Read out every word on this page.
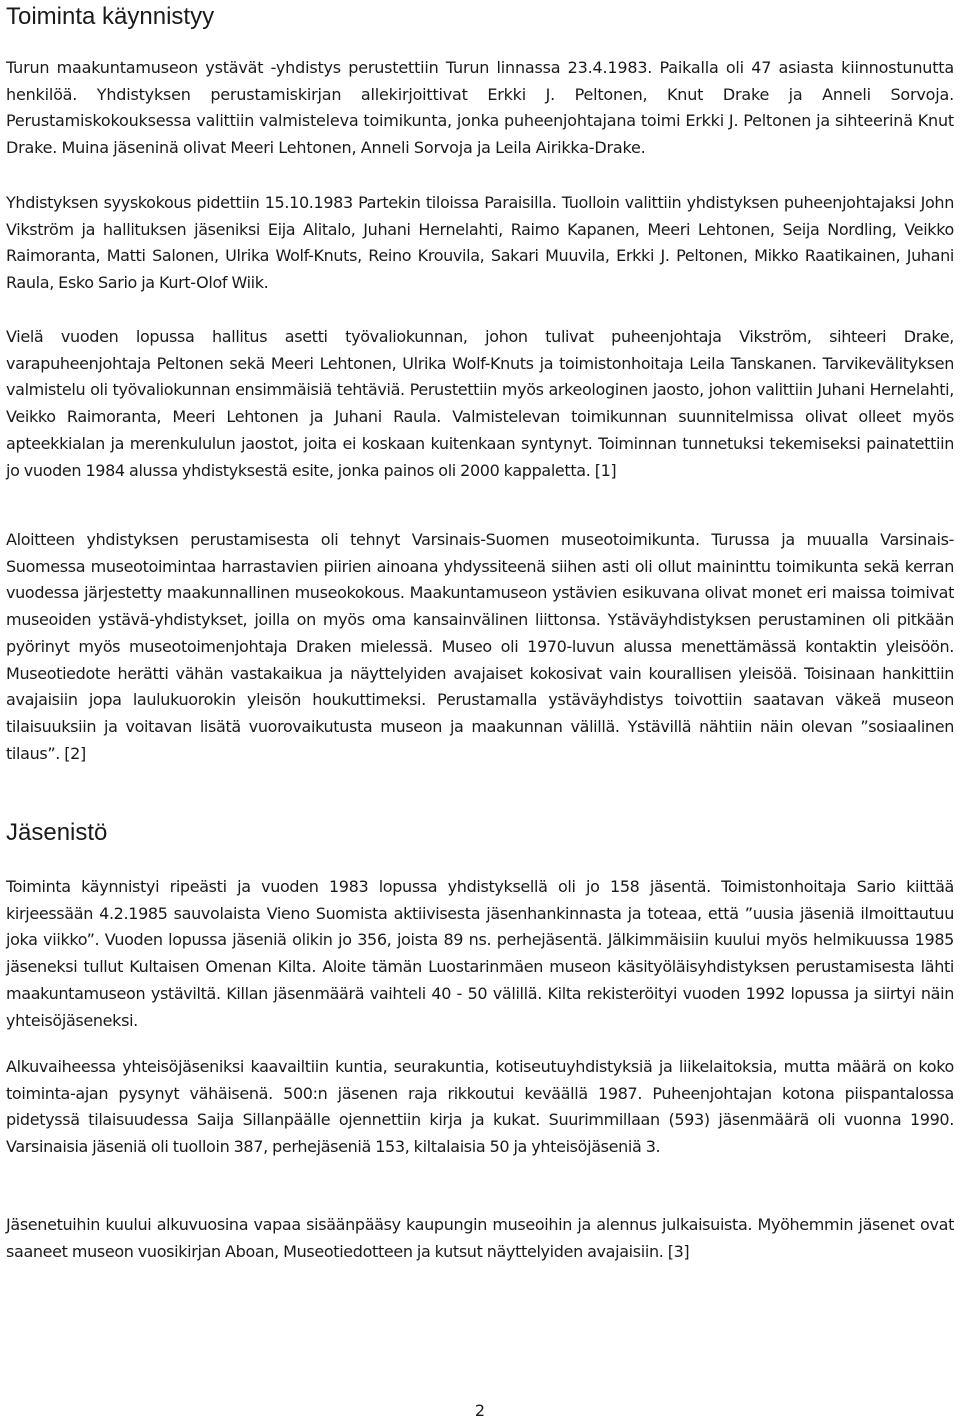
Toiminta käynnistyy

Turun maakuntamuseon ystävät -yhdistys perustettiin Turun linnassa 23.4.1983. Paikalla oli 47 asiasta kiinnostunutta henkilöä. Yhdistyksen perustamiskirjan allekirjoittivat Erkki J. Peltonen, Knut Drake ja Anneli Sorvoja. Perustamiskokouksessa valittiin valmisteleva toimikunta, jonka puheenjohtajana toimi Erkki J. Peltonen ja sihteerinä Knut Drake. Muina jäseninä olivat Meeri Lehtonen, Anneli Sorvoja ja Leila Airikka-Drake.

Yhdistyksen syyskokous pidettiin 15.10.1983 Partekin tiloissa Paraisilla. Tuolloin valittiin yhdistyksen puheenjohtajaksi John Vikström ja hallituksen jäseniksi Eija Alitalo, Juhani Hernelahti, Raimo Kapanen, Meeri Lehtonen, Seija Nordling, Veikko Raimoranta, Matti Salonen, Ulrika Wolf-Knuts, Reino Krouvila, Sakari Muuvila, Erkki J. Peltonen, Mikko Raatikainen, Juhani Raula, Esko Sario ja Kurt-Olof Wiik.

Vielä vuoden lopussa hallitus asetti työvaliokunnan, johon tulivat puheenjohtaja Vikström, sihteeri Drake, varapuheenjohtaja Peltonen sekä Meeri Lehtonen, Ulrika Wolf-Knuts ja toimistonhoitaja Leila Tanskanen. Tarvikevälityksen valmistelu oli työvaliokunnan ensimmäisiä tehtäviä. Perustettiin myös arkeologinen jaosto, johon valittiin Juhani Hernelahti, Veikko Raimoranta, Meeri Lehtonen ja Juhani Raula. Valmistelevan toimikunnan suunnitelmissa olivat olleet myös apteekkialan ja merenkululun jaostot, joita ei koskaan kuitenkaan syntynyt. Toiminnan tunnetuksi tekemiseksi painatettiin jo vuoden 1984 alussa yhdistyksestä esite, jonka painos oli 2000 kappaletta. [1]

Aloitteen yhdistyksen perustamisesta oli tehnyt Varsinais-Suomen museotoimikunta. Turussa ja muualla Varsinais-Suomessa museotoimintaa harrastavien piirien ainoana yhdyssiteenä siihen asti oli ollut maininttu toimikunta sekä kerran vuodessa järjestetty maakunnallinen museokokous. Maakuntamuseon ystävien esikuvana olivat monet eri maissa toimivat museoiden ystävä-yhdistykset, joilla on myös oma kansainvälinen liittonsa. Ystäväyhdistyksen perustaminen oli pitkään pyörinyt myös museotoimenjohtaja Draken mielessä. Museo oli 1970-luvun alussa menettämässä kontaktin yleisöön. Museotiedote herätti vähän vastakaikua ja näyttelyiden avajaiset kokosivat vain kourallisen yleisöä. Toisinaan hankittiin avajaisiin jopa laulukuorokin yleisön houkuttimeksi. Perustamalla ystäväyhdistys toivottiin saatavan väkeä museon tilaisuuksiin ja voitavan lisätä vuorovaikutusta museon ja maakunnan välillä. Ystävillä nähtiin näin olevan ”sosiaalinen tilaus”. [2]

Jäsenistö

Toiminta käynnistyi ripeästi ja vuoden 1983 lopussa yhdistyksellä oli jo 158 jäsentä. Toimistonhoitaja Sario kiittää kirjeessään 4.2.1985 sauvolaista Vieno Suomista aktiivisesta jäsenhankinnasta ja toteaa, että ”uusia jäseniä ilmoittautuu joka viikko”. Vuoden lopussa jäseniä olikin jo 356, joista 89 ns. perhejäsentä. Jälkimmäisiin kuului myös helmikuussa 1985 jäseneksi tullut Kultaisen Omenan Kilta. Aloite tämän Luostarinmäen museon käsityöläisyhdistyksen perustamisesta lähti maakuntamuseon ystäviltä. Killan jäsenmäärä vaihteli 40 - 50 välillä. Kilta rekisteröityi vuoden 1992 lopussa ja siirtyi näin yhteisöjäseneksi.

Alkuvaiheessa yhteisöjäseniksi kaavailtiin kuntia, seurakuntia, kotiseutuyhdistyksiä ja liikelaitoksia, mutta määrä on koko toiminta-ajan pysynyt vähäisenä. 500:n jäsenen raja rikkoutui keväällä 1987. Puheenjohtajan kotona piispantalossa pidetyssä tilaisuudessa Saija Sillanpäälle ojennettiin kirja ja kukat. Suurimmillaan (593) jäsenmäärä oli vuonna 1990. Varsinaisia jäseniä oli tuolloin 387, perhejäseniä 153, kiltalaisia 50 ja yhteisöjäseniä 3.

Jäsenetuihin kuului alkuvuosina vapaa sisäänpääsy kaupungin museoihin ja alennus julkaisuista. Myöhemmin jäsenet ovat saaneet museon vuosikirjan Aboan, Museotiedotteen ja kutsut näyttelyiden avajaisiin. [3]

2
